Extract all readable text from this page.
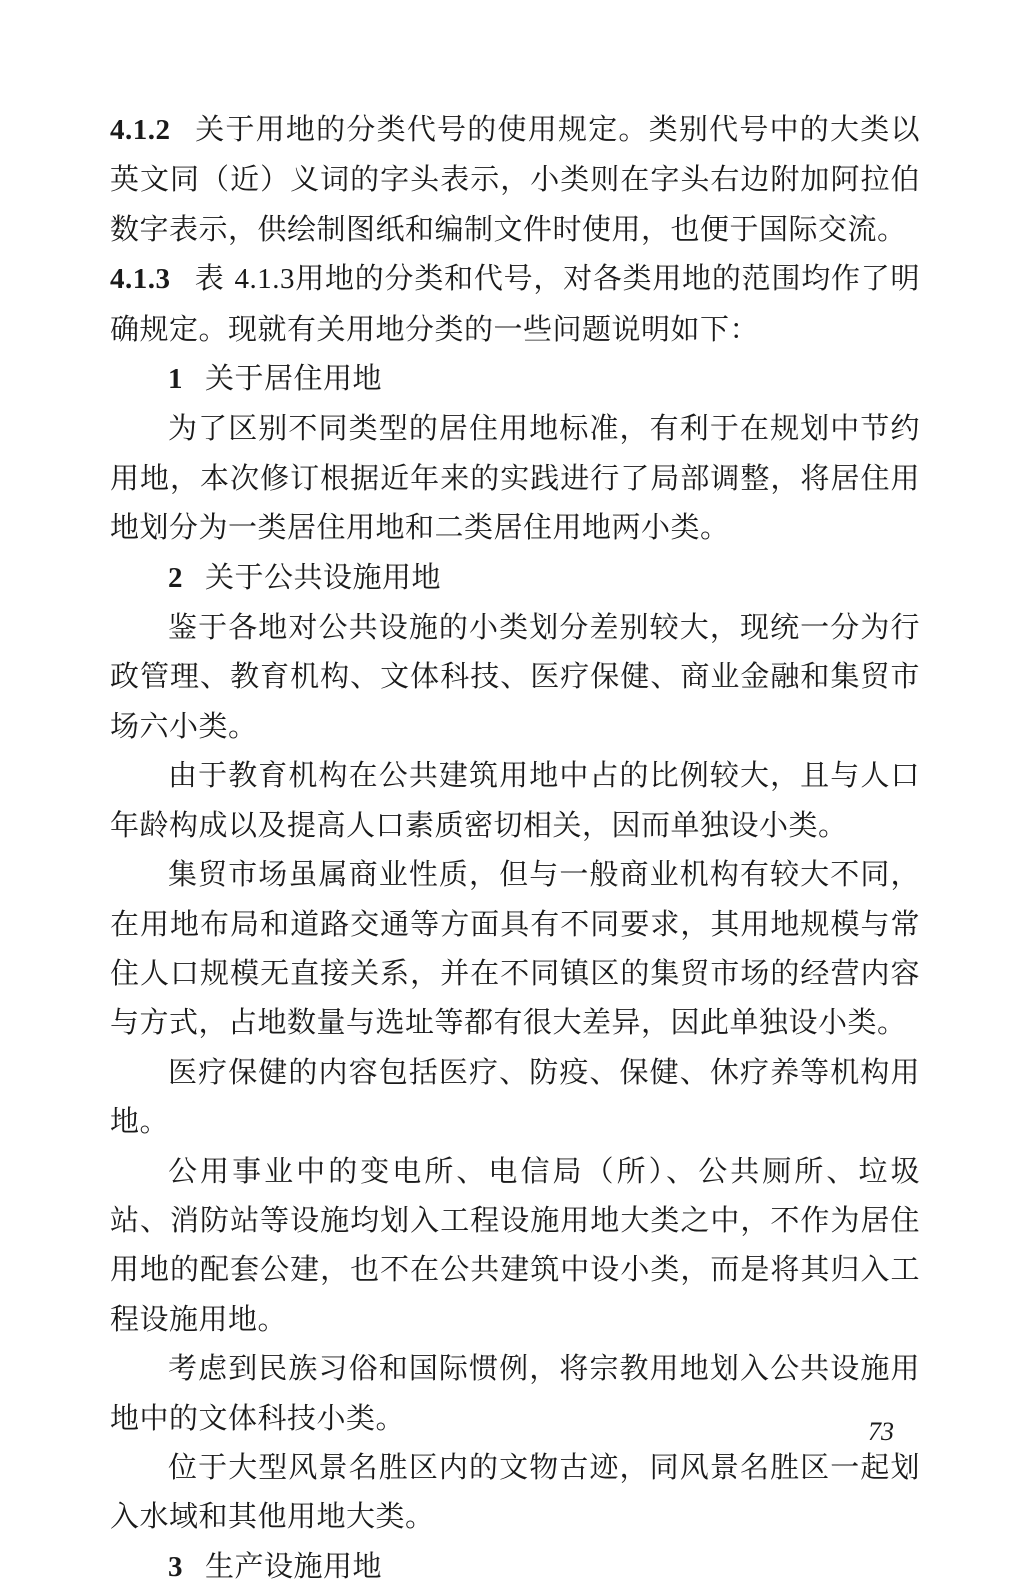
4.1.2 关于用地的分类代号的使用规定。类别代号中的大类以英文同（近）义词的字头表示，小类则在字头右边附加阿拉伯数字表示，供绘制图纸和编制文件时使用，也便于国际交流。

4.1.3 表 4.1.3用地的分类和代号，对各类用地的范围均作了明确规定。现就有关用地分类的一些问题说明如下：

1 关于居住用地

为了区别不同类型的居住用地标准，有利于在规划中节约用地，本次修订根据近年来的实践进行了局部调整，将居住用地划分为一类居住用地和二类居住用地两小类。

2 关于公共设施用地

鉴于各地对公共设施的小类划分差别较大，现统一分为行政管理、教育机构、文体科技、医疗保健、商业金融和集贸市场六小类。

由于教育机构在公共建筑用地中占的比例较大，且与人口年龄构成以及提高人口素质密切相关，因而单独设小类。

集贸市场虽属商业性质，但与一般商业机构有较大不同，在用地布局和道路交通等方面具有不同要求，其用地规模与常住人口规模无直接关系，并在不同镇区的集贸市场的经营内容与方式，占地数量与选址等都有很大差异，因此单独设小类。

医疗保健的内容包括医疗、防疫、保健、休疗养等机构用地。

公用事业中的变电所、电信局（所）、公共厕所、垃圾站、消防站等设施均划入工程设施用地大类之中，不作为居住用地的配套公建，也不在公共建筑中设小类，而是将其归入工程设施用地。

考虑到民族习俗和国际惯例，将宗教用地划入公共设施用地中的文体科技小类。

位于大型风景名胜区内的文物古迹，同风景名胜区一起划入水域和其他用地大类。

3 生产设施用地

73
